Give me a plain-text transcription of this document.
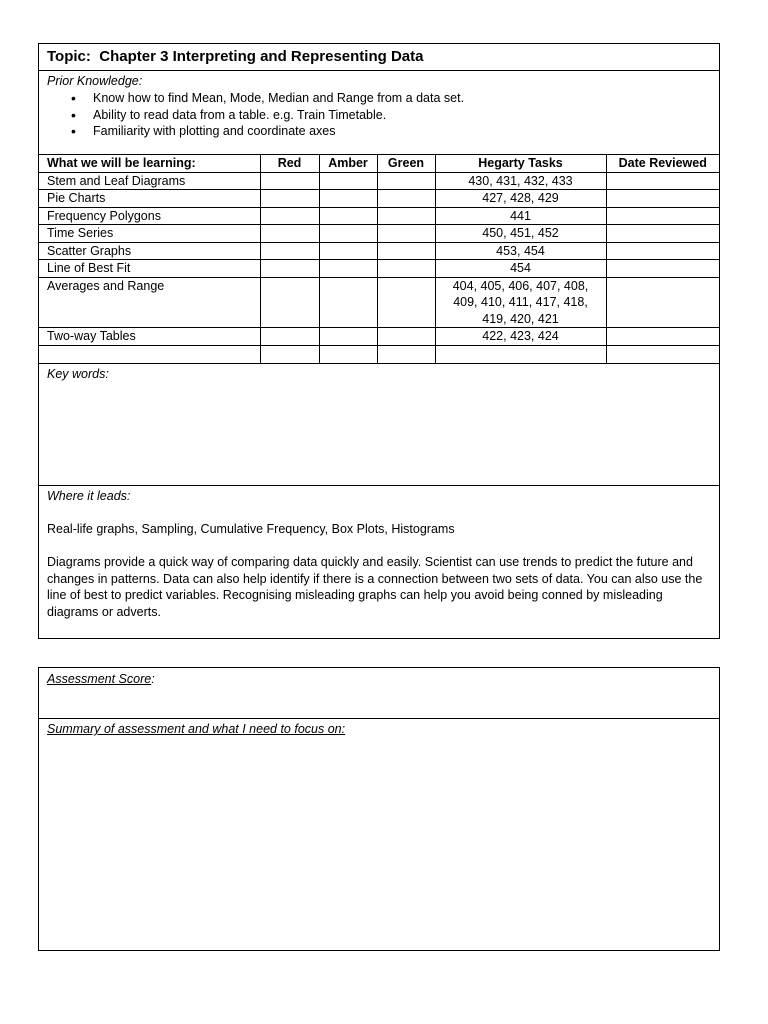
Topic: Chapter 3 Interpreting and Representing Data
Prior Knowledge:
• Know how to find Mean, Mode, Median and Range from a data set.
• Ability to read data from a table. e.g. Train Timetable.
• Familiarity with plotting and coordinate axes
What we will be learning:	Red	Amber	Green	Hegarty Tasks	Date Reviewed
Stem and Leaf Diagrams				430, 431, 432, 433	
Pie Charts				427, 428, 429	
Frequency Polygons				441	
Time Series				450, 451, 452	
Scatter Graphs				453, 454	
Line of Best Fit				454	
Averages and Range				404, 405, 406, 407, 408,
409, 410, 411, 417, 418,
419, 420, 421	

Two-way Tables				422, 423, 424	

Key words:
Where it leads:

Real-life graphs, Sampling, Cumulative Frequency, Box Plots, Histograms

Diagrams provide a quick way of comparing data quickly and easily. Scientist can use trends to predict the future and changes in patterns. Data can also help identify if there is a connection between two sets of data. You can also use the line of best to predict variables. Recognising misleading graphs can help you avoid being conned by misleading diagrams or adverts.

Assessment Score:
Summary of assessment and what I need to focus on:
